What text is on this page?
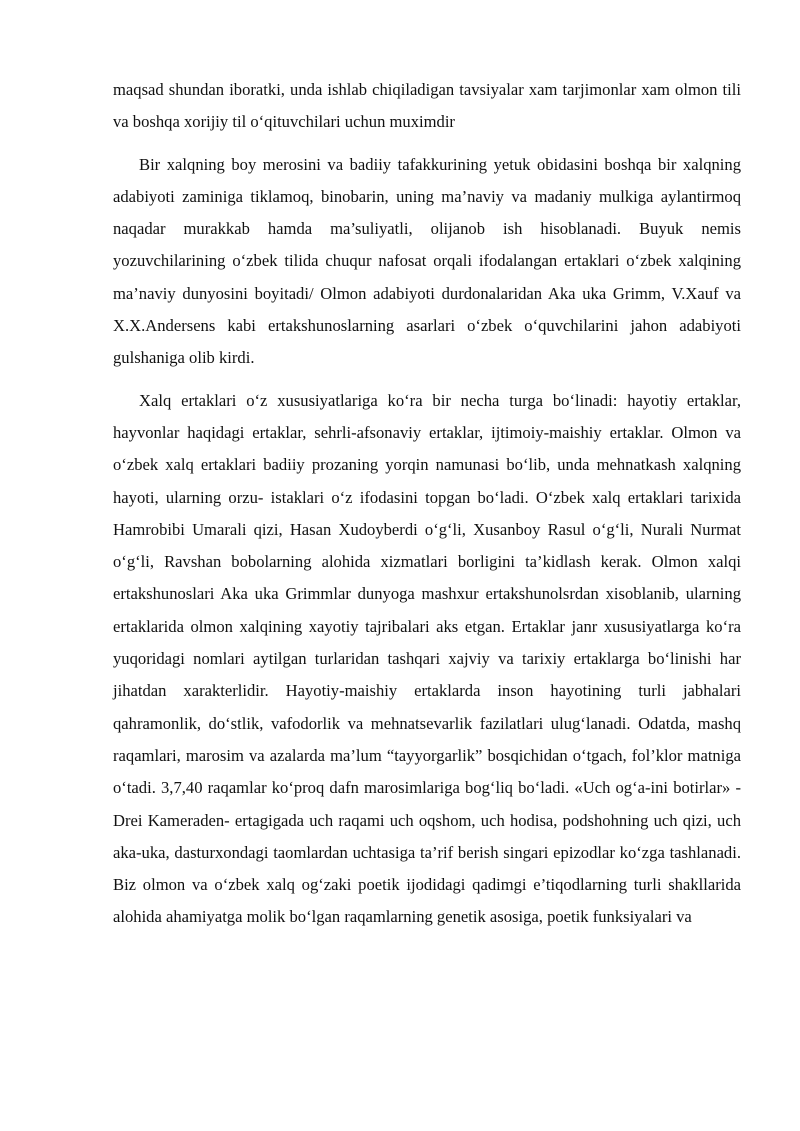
maqsad shundan iboratki, unda ishlab chiqiladigan tavsiyalar xam tarjimonlar xam olmon tili va boshqa xorijiy til o‘qituvchilari uchun muximdir

Bir xalqning boy merosini va badiiy tafakkurining yetuk obidasini boshqa bir xalqning adabiyoti zaminiga tiklamoq, binobarin, uning ma’naviy va madaniy mulkiga aylantirmoq naqadar murakkab hamda ma’suliyatli, olijanob ish hisoblanadi. Buyuk nemis yozuvchilarining o‘zbek tilida chuqur nafosat orqali ifodalangan ertaklari o‘zbek xalqining ma’naviy dunyosini boyitadi/ Olmon adabiyoti durdonalaridan Aka uka Grimm, V.Xauf va X.X.Andersens kabi ertakshunoslarning asarlari o‘zbek o‘quvchilarini jahon adabiyoti gulshaniga olib kirdi.

Xalq ertaklari o‘z xususiyatlariga ko‘ra bir necha turga bo‘linadi: hayotiy ertaklar, hayvonlar haqidagi ertaklar, sehrli-afsonaviy ertaklar, ijtimoiy-maishiy ertaklar. Olmon va o‘zbek xalq ertaklari badiiy prozaning yorqin namunasi bo‘lib, unda mehnatkash xalqning hayoti, ularning orzu- istaklari o‘z ifodasini topgan bo‘ladi. O‘zbek xalq ertaklari tarixida Hamrobibi Umarali qizi, Hasan Xudoyberdi o‘g‘li, Xusanboy Rasul o‘g‘li, Nurali Nurmat o‘g‘li, Ravshan bobolarning alohida xizmatlari borligini ta’kidlash kerak. Olmon xalqi ertakshunoslari Aka uka Grimmlar dunyoga mashxur ertakshunolsrdan xisoblanib, ularning ertaklarida olmon xalqining xayotiy tajribalari aks etgan. Ertaklar janr xususiyatlarga ko‘ra yuqoridagi nomlari aytilgan turlaridan tashqari xajviy va tarixiy ertaklarga bo‘linishi har jihatdan xarakterlidir. Hayotiy-maishiy ertaklarda inson hayotining turli jabhalari qahramonlik, do‘stlik, vafodorlik va mehnatsevarlik fazilatlari ulug‘lanadi. Odatda, mashq raqamlari, marosim va azalarda ma’lum “tayyorgarlik” bosqichidan o‘tgach, fol’klor matniga o‘tadi. 3,7,40 raqamlar ko‘proq dafn marosimlariga bog‘liq bo‘ladi. «Uch og‘a-ini botirlar» - Drei Kameraden- ertagigada uch raqami uch oqshom, uch hodisa, podshohning uch qizi, uch aka-uka, dasturxondagi taomlardan uchtasiga ta’rif berish singari epizodlar ko‘zga tashlanadi. Biz olmon va o‘zbek xalq og‘zaki poetik ijodidagi qadimgi e’tiqodlarning turli shakllarida alohida ahamiyatga molik bo‘lgan raqamlarning genetik asosiga, poetik funksiyalari va
